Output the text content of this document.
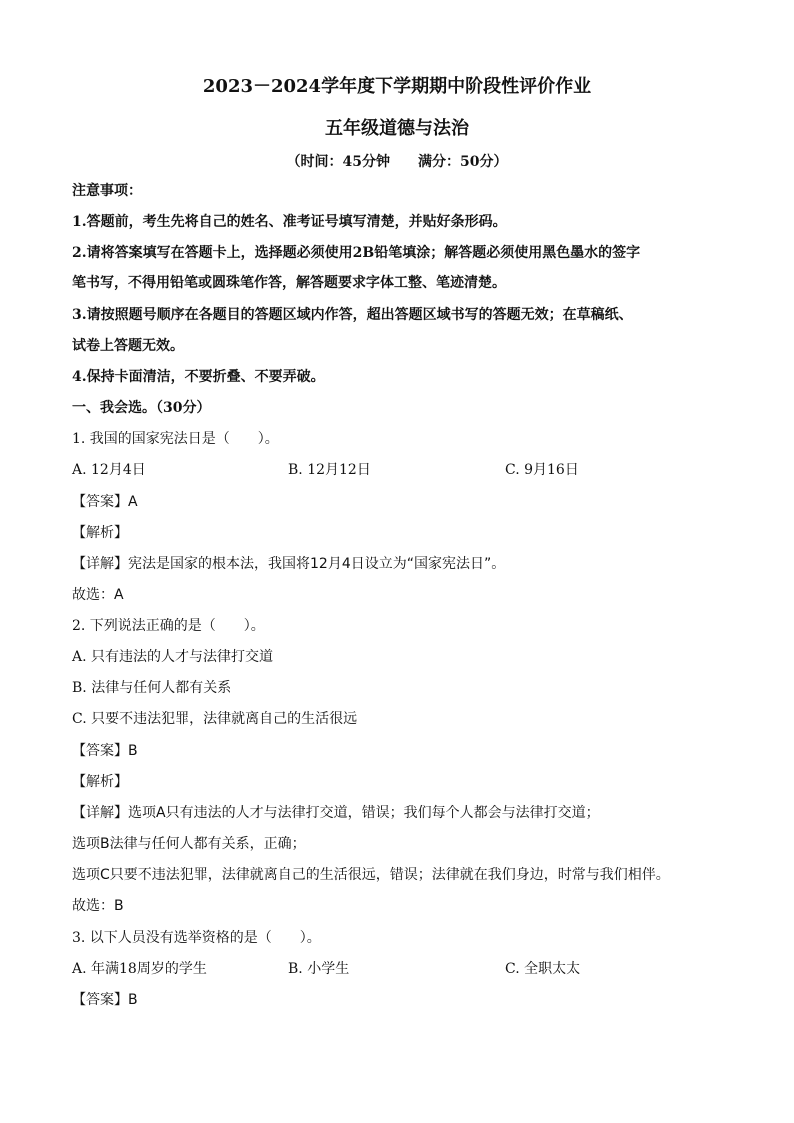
2023－2024学年度下学期期中阶段性评价作业
五年级道德与法治
（时间：45分钟　　满分：50分）
注意事项：
1.答题前，考生先将自己的姓名、准考证号填写清楚，并贴好条形码。
2.请将答案填写在答题卡上，选择题必须使用2B铅笔填涂；解答题必须使用黑色墨水的签字
笔书写，不得用铅笔或圆珠笔作答，解答题要求字体工整、笔迹清楚。
3.请按照题号顺序在各题目的答题区域内作答，超出答题区域书写的答题无效；在草稿纸、
试卷上答题无效。
4.保持卡面清洁，不要折叠、不要弄破。
一、我会选。（30分）
1. 我国的国家宪法日是（　　）。
A. 12月4日	B. 12月12日	C. 9月16日
【答案】A
【解析】
【详解】宪法是国家的根本法，我国将12月4日设立为“国家宪法日”。
故选：A
2. 下列说法正确的是（　　）。
A. 只有违法的人才与法律打交道
B. 法律与任何人都有关系
C. 只要不违法犯罪，法律就离自己的生活很远
【答案】B
【解析】
【详解】选项A只有违法的人才与法律打交道，错误；我们每个人都会与法律打交道；
选项B法律与任何人都有关系，正确；
选项C只要不违法犯罪，法律就离自己的生活很远，错误；法律就在我们身边，时常与我们相伴。
故选：B
3. 以下人员没有选举资格的是（　　）。
A. 年满18周岁的学生	B. 小学生	C. 全职太太
【答案】B
